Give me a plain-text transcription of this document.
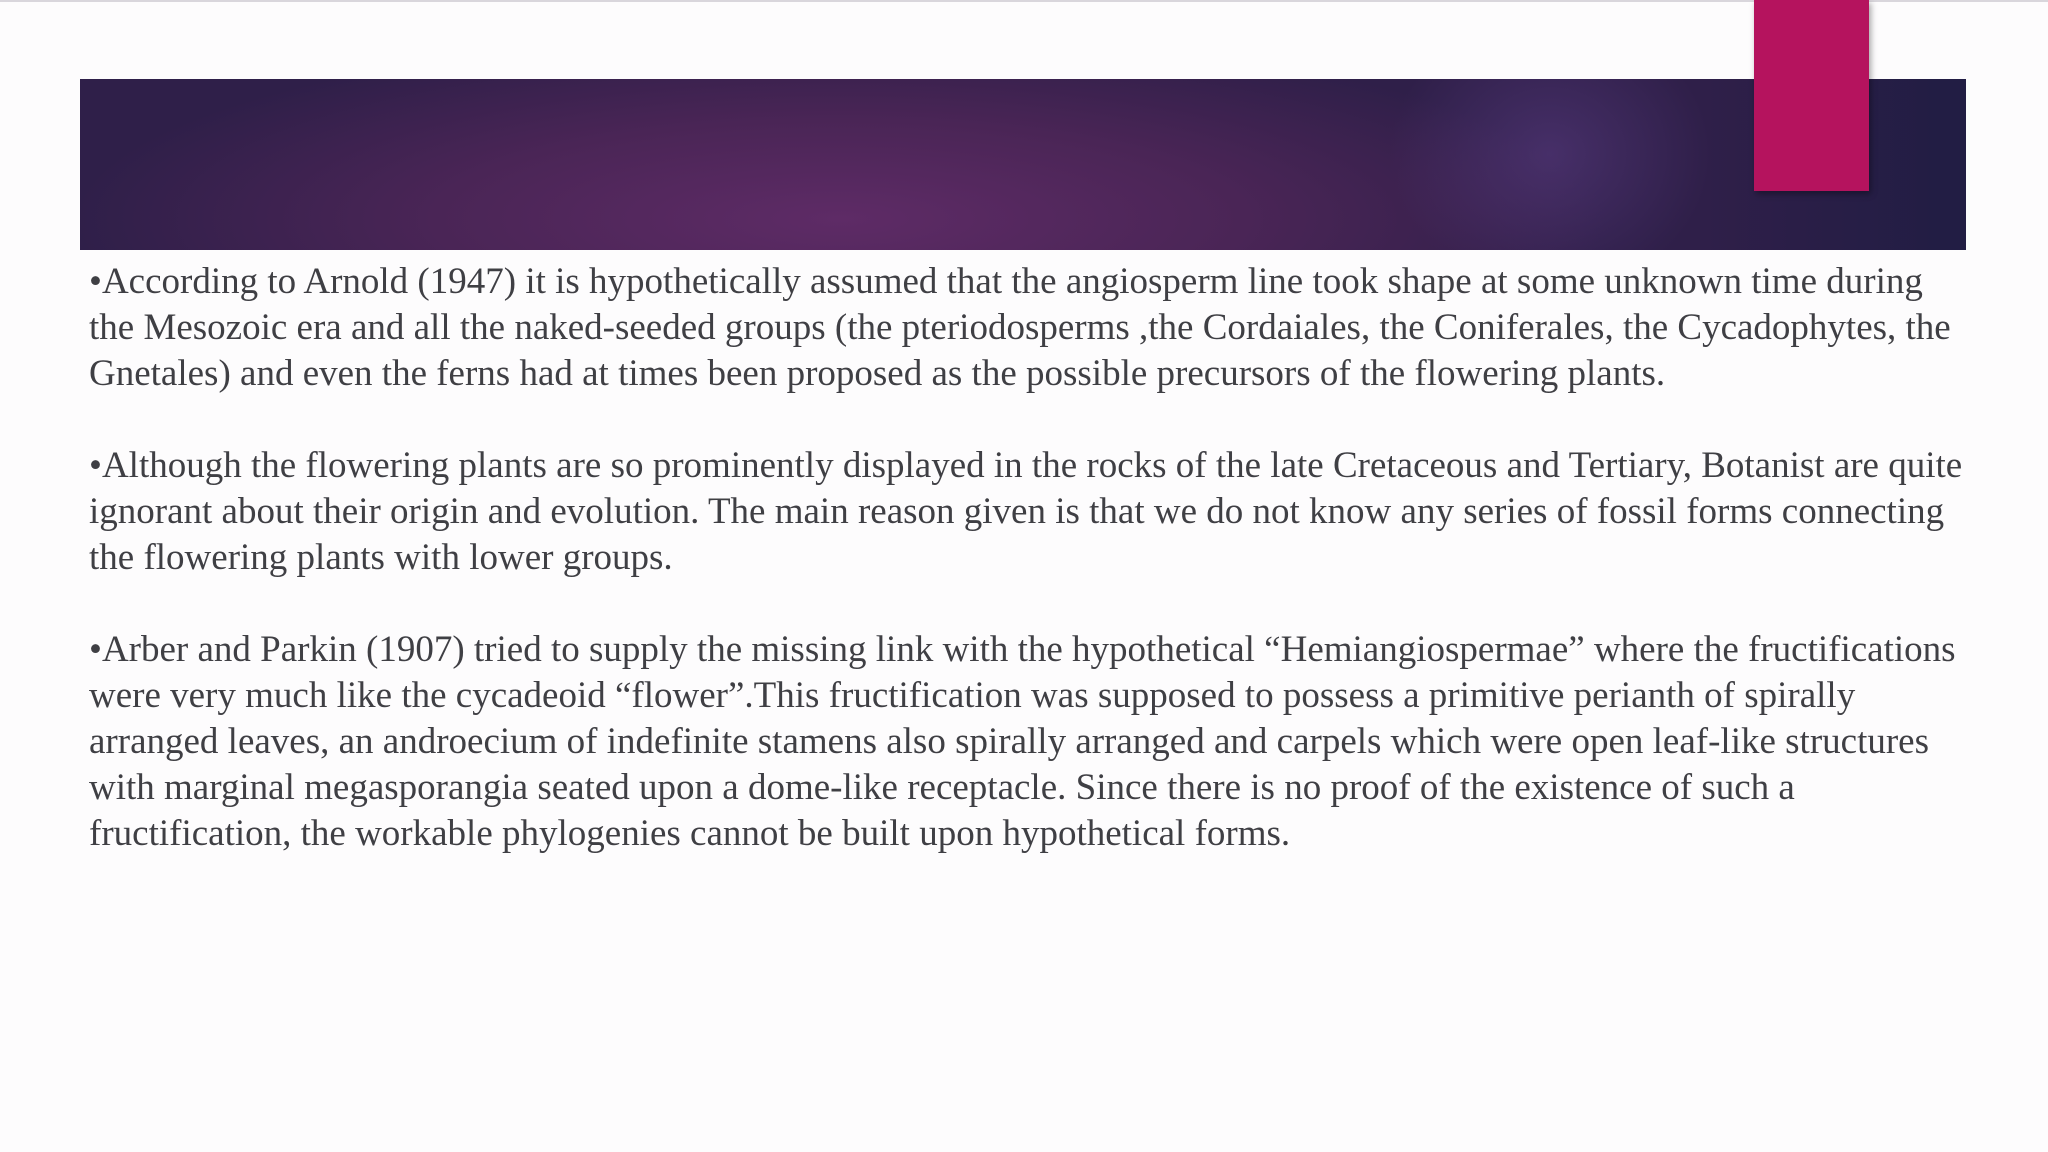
•According to Arnold (1947) it is hypothetically assumed that the angiosperm line took shape at some unknown time during the Mesozoic era and all the naked-seeded groups (the pteriodosperms ,the Cordaiales, the Coniferales, the Cycadophytes, the Gnetales) and even the ferns had at times been proposed as the possible precursors of the flowering plants.

•Although the flowering plants are so prominently displayed in the rocks of the late Cretaceous and Tertiary, Botanist are quite ignorant about their origin and evolution. The main reason given is that we do not know any series of fossil forms connecting the flowering plants with lower groups.

•Arber and Parkin (1907) tried to supply the missing link with the hypothetical “Hemiangiospermae” where the fructifications were very much like the cycadeoid “flower”.This fructification was supposed to possess a primitive perianth of spirally arranged leaves, an androecium of indefinite stamens also spirally arranged and carpels which were open leaf-like structures with marginal megasporangia seated upon a dome-like receptacle. Since there is no proof of the existence of such a fructification, the workable phylogenies cannot be built upon hypothetical forms.
